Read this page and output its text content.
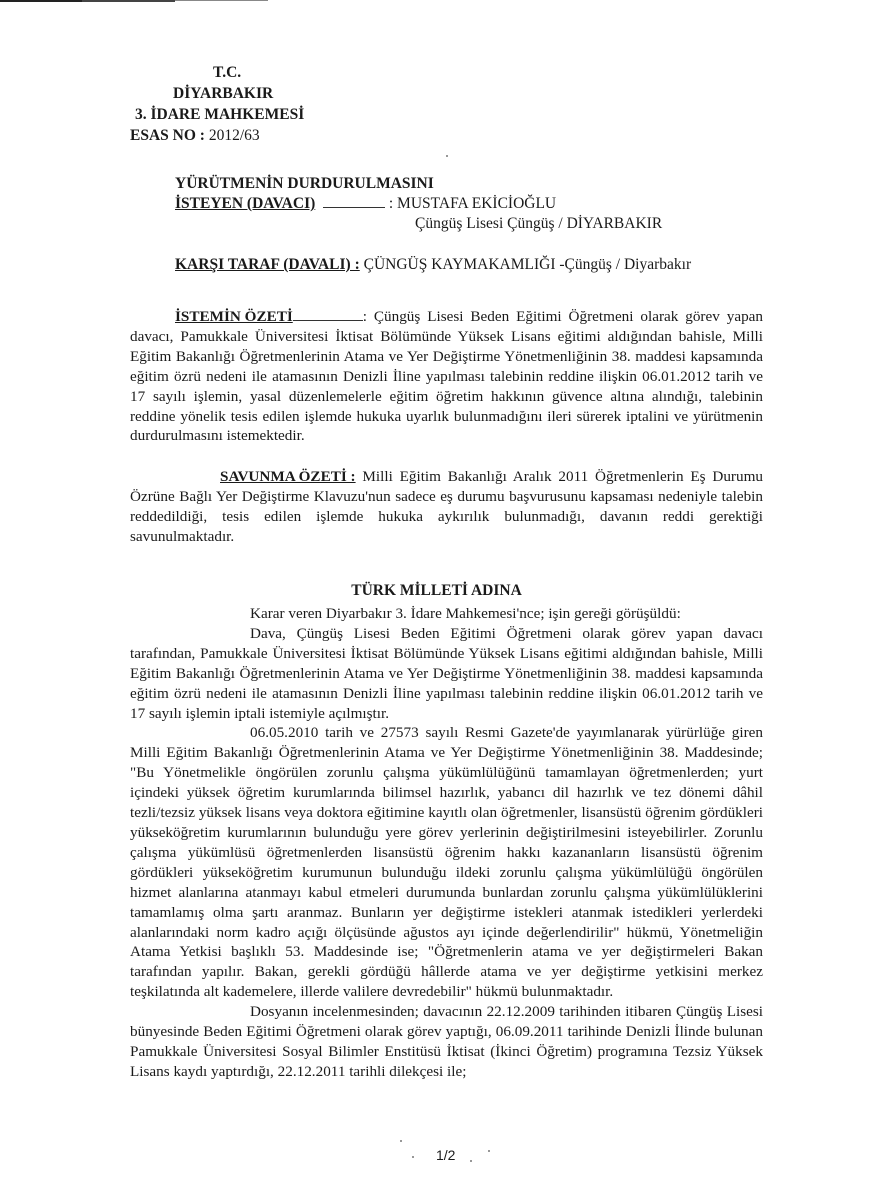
T.C.
DİYARBAKIR
3. İDARE MAHKEMESİ
ESAS NO : 2012/63
YÜRÜTMENİN DURDURULMASINI
İSTEYEN (DAVACI)	: MUSTAFA EKİCİOĞLU
Çüngüş Lisesi Çüngüş / DİYARBAKIR
KARŞI TARAF (DAVALI) : ÇÜNGÜŞ KAYMAKAMLIĞI -Çüngüş / Diyarbakır

İSTEMİN ÖZETİ	: Çüngüş Lisesi Beden Eğitimi Öğretmeni olarak görev yapan davacı, Pamukkale Üniversitesi İktisat Bölümünde Yüksek Lisans eğitimi aldığından bahisle, Milli Eğitim Bakanlığı Öğretmenlerinin Atama ve Yer Değiştirme Yönetmenliğinin 38. maddesi kapsamında eğitim özrü nedeni ile atamasının Denizli İline yapılması talebinin reddine ilişkin 06.01.2012 tarih ve 17 sayılı işlemin, yasal düzenlemelerle eğitim öğretim hakkının güvence altına alındığı, talebinin reddine yönelik tesis edilen işlemde hukuka uyarlık bulunmadığını ileri sürerek iptalini ve yürütmenin durdurulmasını istemektedir.

SAVUNMA ÖZETİ : Milli Eğitim Bakanlığı Aralık 2011 Öğretmenlerin Eş Durumu Özrüne Bağlı Yer Değiştirme Klavuzu'nun sadece eş durumu başvurusunu kapsaması nedeniyle talebin reddedildiği, tesis edilen işlemde hukuka aykırılık bulunmadığı, davanın reddi gerektiği savunulmaktadır.

TÜRK MİLLETİ ADINA

Karar veren Diyarbakır 3. İdare Mahkemesi'nce; işin gereği görüşüldü:

Dava, Çüngüş Lisesi Beden Eğitimi Öğretmeni olarak görev yapan davacı tarafından, Pamukkale Üniversitesi İktisat Bölümünde Yüksek Lisans eğitimi aldığından bahisle, Milli Eğitim Bakanlığı Öğretmenlerinin Atama ve Yer Değiştirme Yönetmenliğinin 38. maddesi kapsamında eğitim özrü nedeni ile atamasının Denizli İline yapılması talebinin reddine ilişkin 06.01.2012 tarih ve 17 sayılı işlemin iptali istemiyle açılmıştır.

06.05.2010 tarih ve 27573 sayılı Resmi Gazete'de yayımlanarak yürürlüğe giren Milli Eğitim Bakanlığı Öğretmenlerinin Atama ve Yer Değiştirme Yönetmenliğinin 38. Maddesinde; "Bu Yönetmelikle öngörülen zorunlu çalışma yükümlülüğünü tamamlayan öğretmenlerden; yurt içindeki yüksek öğretim kurumlarında bilimsel hazırlık, yabancı dil hazırlık ve tez dönemi dâhil tezli/tezsiz yüksek lisans veya doktora eğitimine kayıtlı olan öğretmenler, lisansüstü öğrenim gördükleri yükseköğretim kurumlarının bulunduğu yere görev yerlerinin değiştirilmesini isteyebilirler. Zorunlu çalışma yükümlüsü öğretmenlerden lisansüstü öğrenim hakkı kazananların lisansüstü öğrenim gördükleri yükseköğretim kurumunun bulunduğu ildeki zorunlu çalışma yükümlülüğü öngörülen hizmet alanlarına atanmayı kabul etmeleri durumunda bunlardan zorunlu çalışma yükümlülüklerini tamamlamış olma şartı aranmaz. Bunların yer değiştirme istekleri atanmak istedikleri yerlerdeki alanlarındaki norm kadro açığı ölçüsünde ağustos ayı içinde değerlendirilir" hükmü, Yönetmeliğin Atama Yetkisi başlıklı 53. Maddesinde ise; "Öğretmenlerin atama ve yer değiştirmeleri Bakan tarafından yapılır. Bakan, gerekli gördüğü hâllerde atama ve yer değiştirme yetkisini merkez teşkilatında alt kademelere, illerde valilere devredebilir" hükmü bulunmaktadır.

Dosyanın incelenmesinden; davacının 22.12.2009 tarihinden itibaren Çüngüş Lisesi bünyesinde Beden Eğitimi Öğretmeni olarak görev yaptığı, 06.09.2011 tarihinde Denizli İlinde bulunan Pamukkale Üniversitesi Sosyal Bilimler Enstitüsü İktisat (İkinci Öğretim) programına Tezsiz Yüksek Lisans kaydı yaptırdığı, 22.12.2011 tarihli dilekçesi ile;

1/2
